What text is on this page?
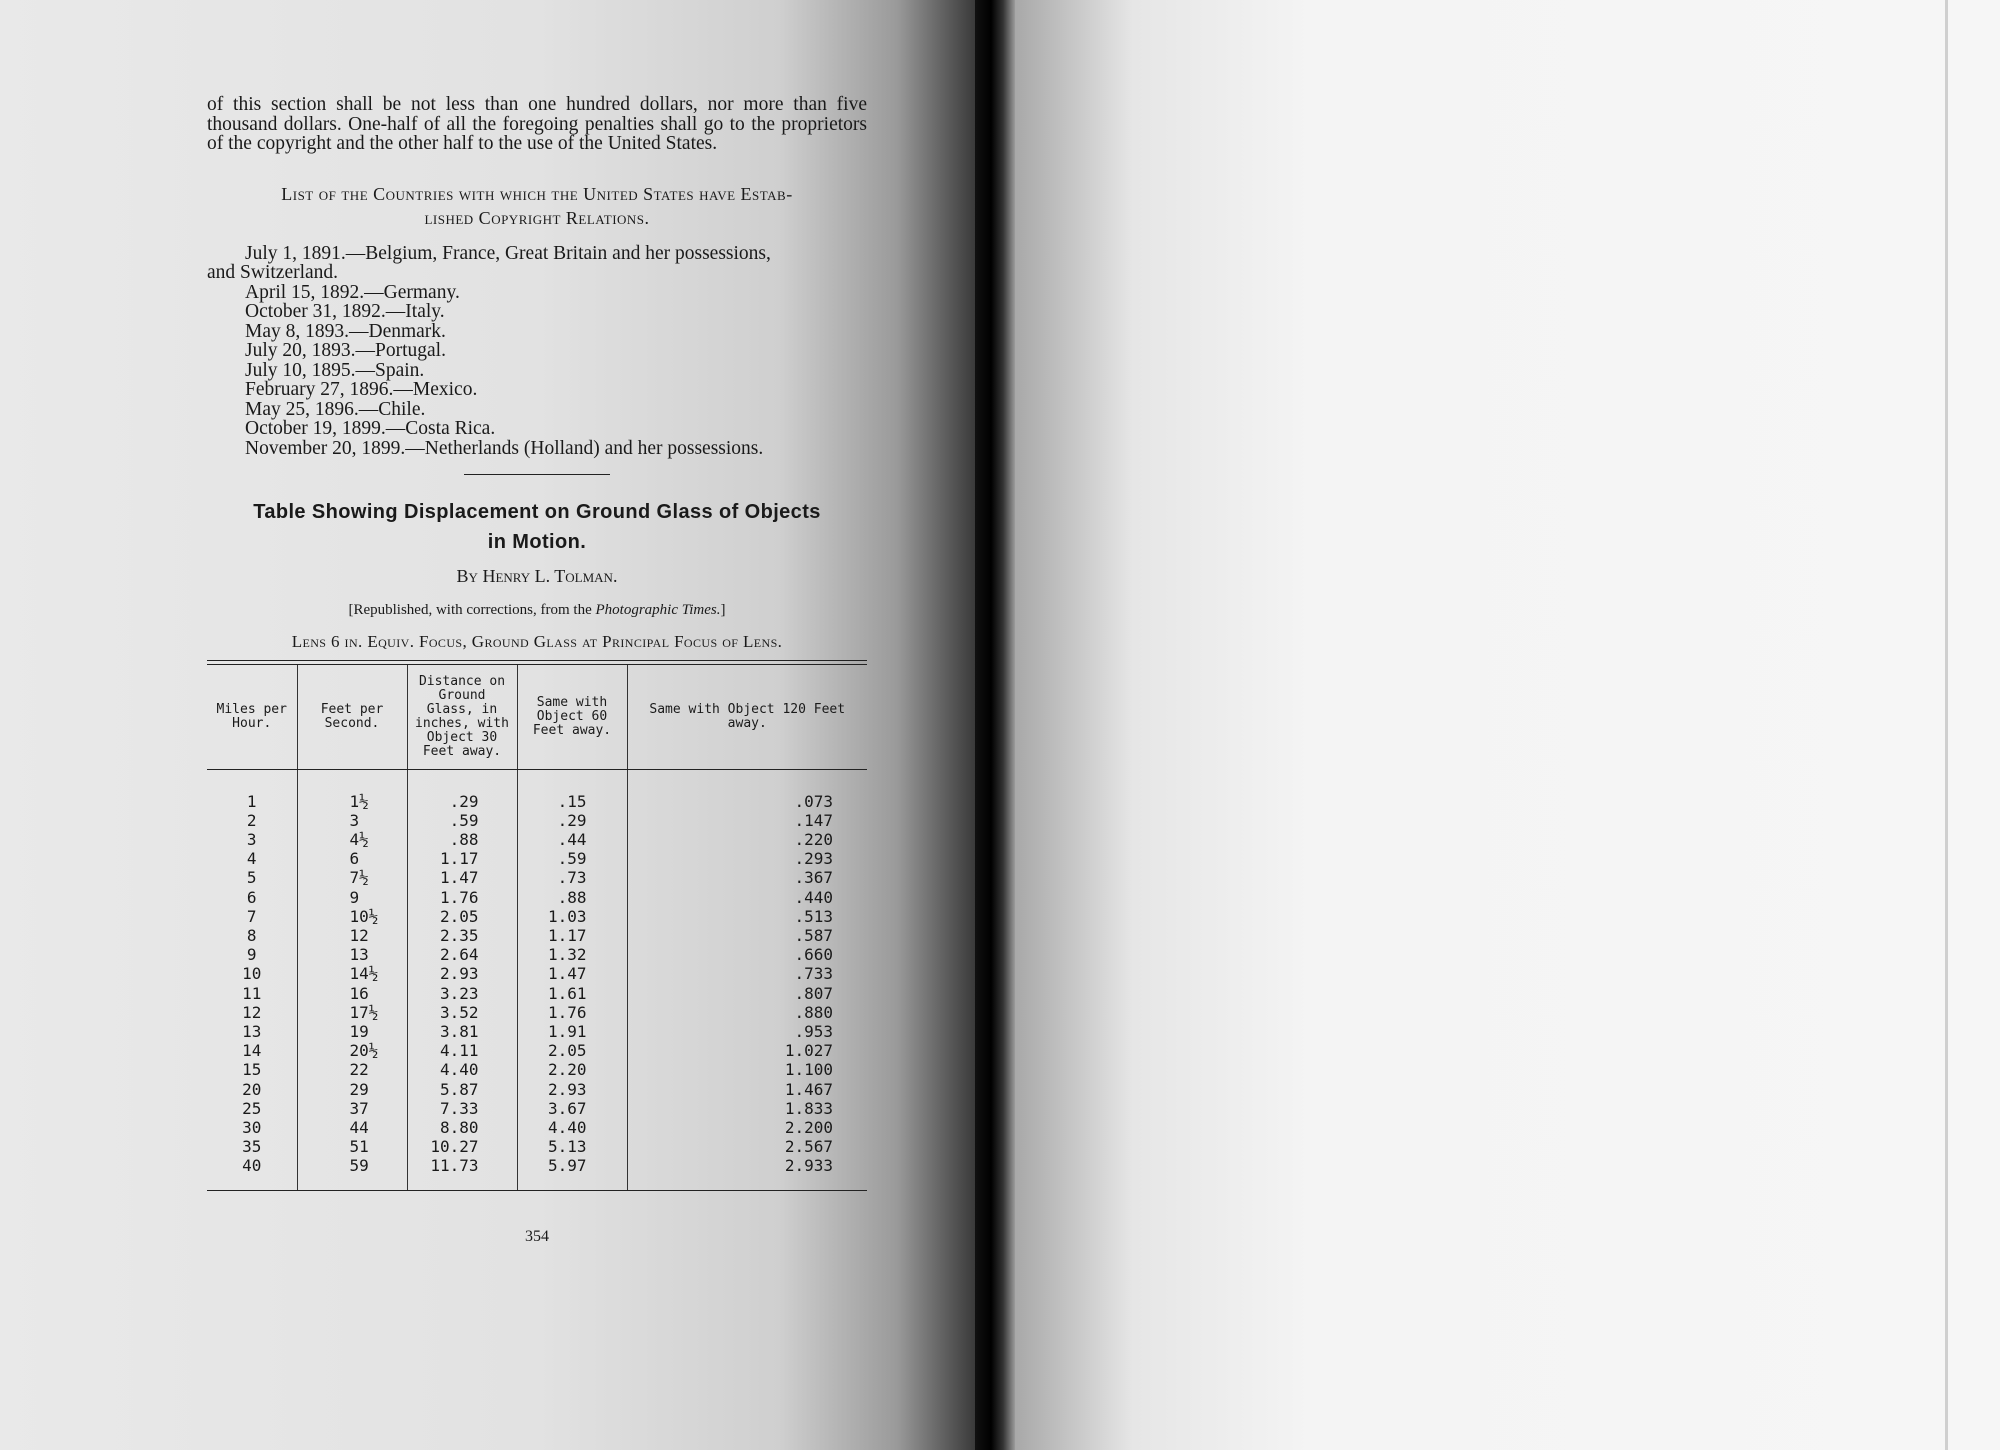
of this section shall be not less than one hundred dollars, nor more than five thousand dollars. One-half of all the foregoing penalties shall go to the proprietors of the copyright and the other half to the use of the United States.

List of the Countries with which the United States have Estab-
lished Copyright Relations.
July 1, 1891.—Belgium, France, Great Britain and her possessions,
and Switzerland.
April 15, 1892.—Germany.
October 31, 1892.—Italy.
May 8, 1893.—Denmark.
July 20, 1893.—Portugal.
July 10, 1895.—Spain.
February 27, 1896.—Mexico.
May 25, 1896.—Chile.
October 19, 1899.—Costa Rica.
November 20, 1899.—Netherlands (Holland) and her possessions.
Table Showing Displacement on Ground Glass of Objects
in Motion.
By Henry L. Tolman.
[Republished, with corrections, from the Photographic Times.]
Lens 6 in. Equiv. Focus, Ground Glass at Principal Focus of Lens.
Miles per Hour.	Feet per Second.	Distance on Ground Glass, in inches, with Object 30 Feet away.	Same with Object 60 Feet away.	Same with Object 120 Feet away.

1	1½	.29	.15	.073
2	3	.59	.29	.147
3	4½	.88	.44	.220
4	6	1.17	.59	.293
5	7½	1.47	.73	.367
6	9	1.76	.88	.440
7	10½	2.05	1.03	.513
8	12	2.35	1.17	.587
9	13	2.64	1.32	.660
10	14½	2.93	1.47	.733
11	16	3.23	1.61	.807
12	17½	3.52	1.76	.880
13	19	3.81	1.91	.953
14	20½	4.11	2.05	1.027
15	22	4.40	2.20	1.100
20	29	5.87	2.93	1.467
25	37	7.33	3.67	1.833
30	44	8.80	4.40	2.200
35	51	10.27	5.13	2.567
40	59	11.73	5.97	2.933

354
